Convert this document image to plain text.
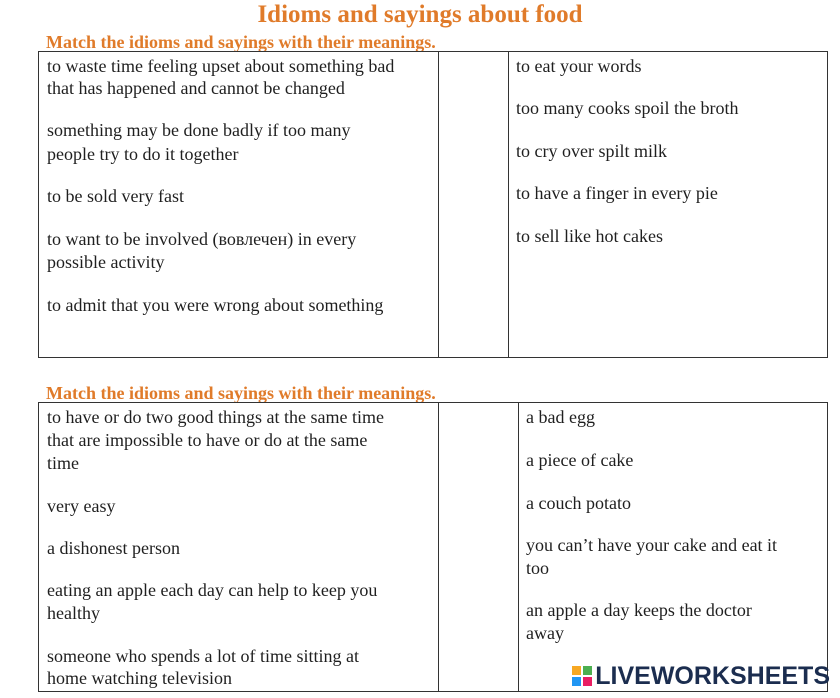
Idioms and sayings about food
Match the idioms and sayings with their meanings.
to waste time feeling upset about something bad
that has happened and cannot be changed
something may be done badly if too many
people try to do it together
to be sold very fast
to want to be involved (вовлечен) in every
possible activity
to admit that you were wrong about something
to eat your words
too many cooks spoil the broth
to cry over spilt milk
to have a finger in every pie
to sell like hot cakes
Match the idioms and sayings with their meanings.
to have or do two good things at the same time
that are impossible to have or do at the same
time
very easy
a dishonest person
eating an apple each day can help to keep you
healthy
someone who spends a lot of time sitting at
home watching television
a bad egg
a piece of cake
a couch potato
you can’t have your cake and eat it
too
an apple a day keeps the doctor
away
LIVEWORKSHEETS
